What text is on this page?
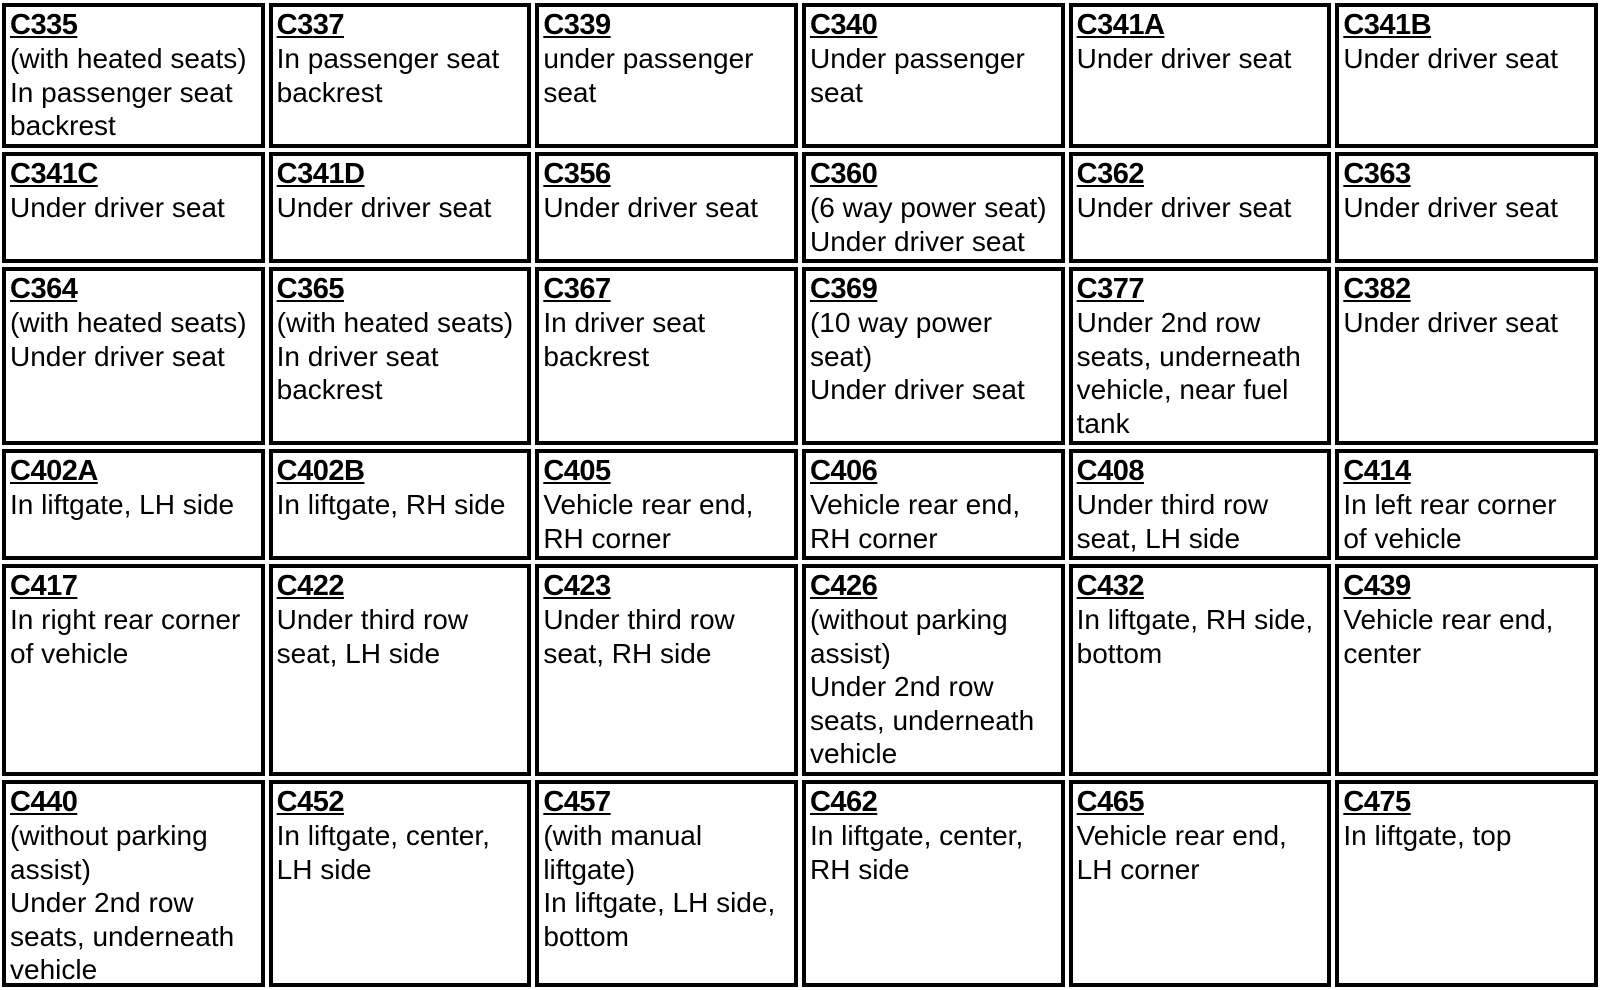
C335
(with heated seats)
In passenger seat
backrest
C337
In passenger seat
backrest
C339
under passenger
seat
C340
Under passenger
seat
C341A
Under driver seat
C341B
Under driver seat
C341C
Under driver seat
C341D
Under driver seat
C356
Under driver seat
C360
(6 way power seat)
Under driver seat
C362
Under driver seat
C363
Under driver seat
C364
(with heated seats)
Under driver seat
C365
(with heated seats)
In driver seat
backrest
C367
In driver seat
backrest
C369
(10 way power
seat)
Under driver seat
C377
Under 2nd row
seats, underneath
vehicle, near fuel
tank
C382
Under driver seat
C402A
In liftgate, LH side
C402B
In liftgate, RH side
C405
Vehicle rear end,
RH corner
C406
Vehicle rear end,
RH corner
C408
Under third row
seat, LH side
C414
In left rear corner
of vehicle
C417
In right rear corner
of vehicle
C422
Under third row
seat, LH side
C423
Under third row
seat, RH side
C426
(without parking
assist)
Under 2nd row
seats, underneath
vehicle
C432
In liftgate, RH side,
bottom
C439
Vehicle rear end,
center
C440
(without parking
assist)
Under 2nd row
seats, underneath
vehicle
C452
In liftgate, center,
LH side
C457
(with manual
liftgate)
In liftgate, LH side,
bottom
C462
In liftgate, center,
RH side
C465
Vehicle rear end,
LH corner
C475
In liftgate, top
